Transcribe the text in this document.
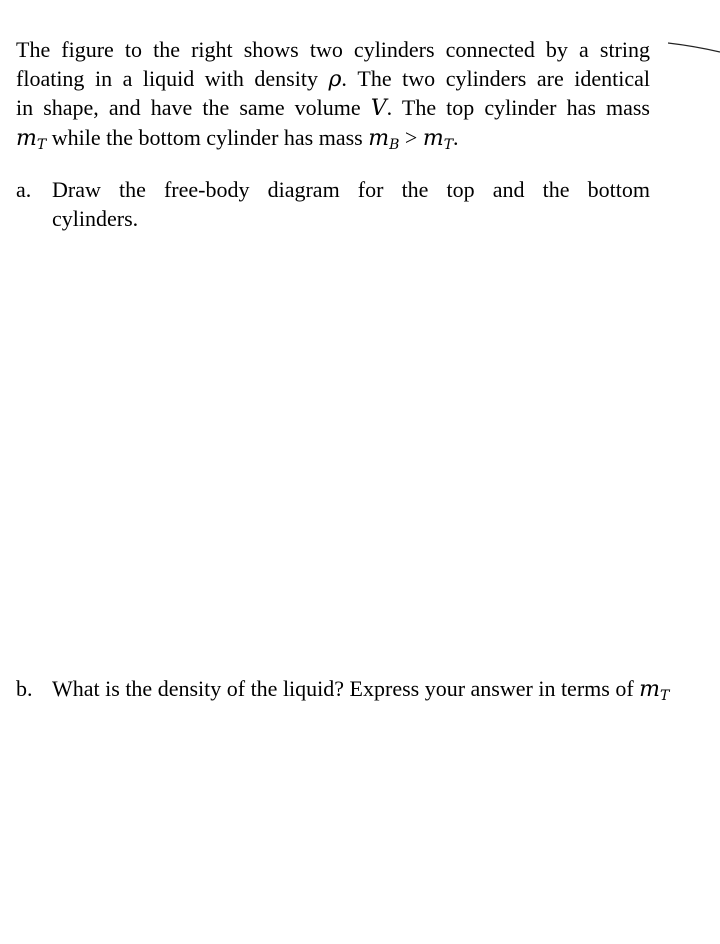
The figure to the right shows two cylinders connected by a string
floating in a liquid with density ρ. The two cylinders are identical
in shape, and have the same volume V. The top cylinder has mass
$m_T$ while the bottom cylinder has mass $m_B > m_T$.
a. Draw the free-body diagram for the top and the bottom
cylinders.
b. What is the density of the liquid? Express your answer in terms of $m_T$
